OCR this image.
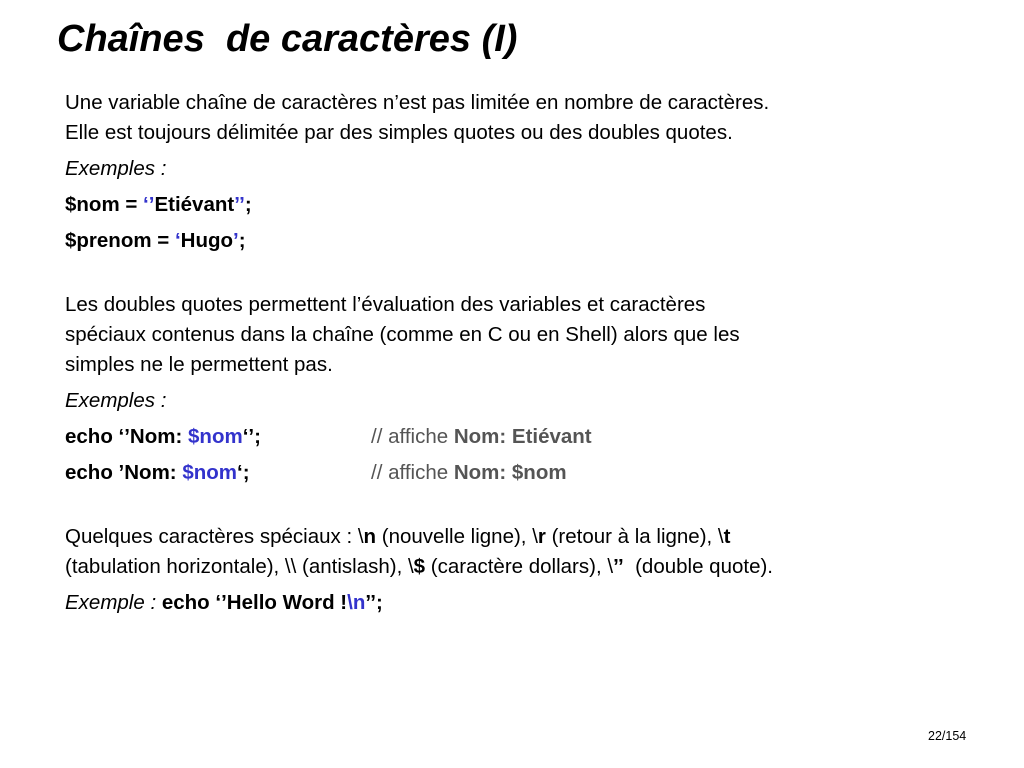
Chaînes  de caractères (I)

Une variable chaîne de caractères n’est pas limitée en nombre de caractères.

Elle est toujours délimitée par des simples quotes ou des doubles quotes.

Exemples :

$nom = ‘’Etiévant’’;

$prenom = ‘Hugo’;

Les doubles quotes permettent l’évaluation des variables et caractères

spéciaux contenus dans la chaîne (comme en C ou en Shell) alors que les

simples ne le permettent pas.

Exemples :

echo ‘’Nom: $nom‘’;	// affiche Nom: Etiévant
echo ’Nom: $nom‘;	// affiche Nom: $nom

Quelques caractères spéciaux : \n (nouvelle ligne), \r (retour à la ligne), \t

(tabulation horizontale), \\ (antislash), \$ (caractère dollars), \’’  (double quote).

Exemple : echo ‘’Hello Word !\n’’;

22/154
